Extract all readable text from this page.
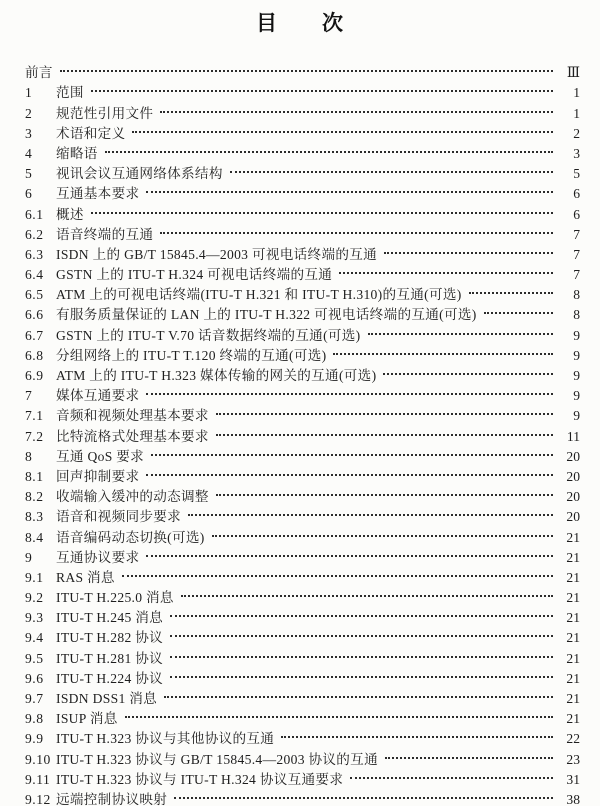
目　　次
前言	Ⅲ
1	范围	1
2	规范性引用文件	1
3	术语和定义	2
4	缩略语	3
5	视讯会议互通网络体系结构	5
6	互通基本要求	6
6.1 概述	6
6.2 语音终端的互通	7
6.3 ISDN 上的 GB/T 15845.4—2003 可视电话终端的互通	7
6.4 GSTN 上的 ITU-T H.324 可视电话终端的互通	7
6.5 ATM 上的可视电话终端(ITU-T H.321 和 ITU-T H.310)的互通(可选)	8
6.6 有服务质量保证的 LAN 上的 ITU-T H.322 可视电话终端的互通(可选)	8
6.7 GSTN 上的 ITU-T V.70 话音数据终端的互通(可选)	9
6.8 分组网络上的 ITU-T T.120 终端的互通(可选)	9
6.9 ATM 上的 ITU-T H.323 媒体传输的网关的互通(可选)	9
7	媒体互通要求	9
7.1 音频和视频处理基本要求	9
7.2 比特流格式处理基本要求	11
8	互通 QoS 要求	20
8.1 回声抑制要求	20
8.2 收端输入缓冲的动态调整	20
8.3 语音和视频同步要求	20
8.4 语音编码动态切换(可选)	21
9	互通协议要求	21
9.1 RAS 消息	21
9.2 ITU-T H.225.0 消息	21
9.3 ITU-T H.245 消息	21
9.4 ITU-T H.282 协议	21
9.5 ITU-T H.281 协议	21
9.6 ITU-T H.224 协议	21
9.7 ISDN DSS1 消息	21
9.8 ISUP 消息	21
9.9 ITU-T H.323 协议与其他协议的互通	22
9.10 ITU-T H.323 协议与 GB/T 15845.4—2003 协议的互通	23
9.11 ITU-T H.323 协议与 ITU-T H.324 协议互通要求	31
9.12 远端控制协议映射	38
